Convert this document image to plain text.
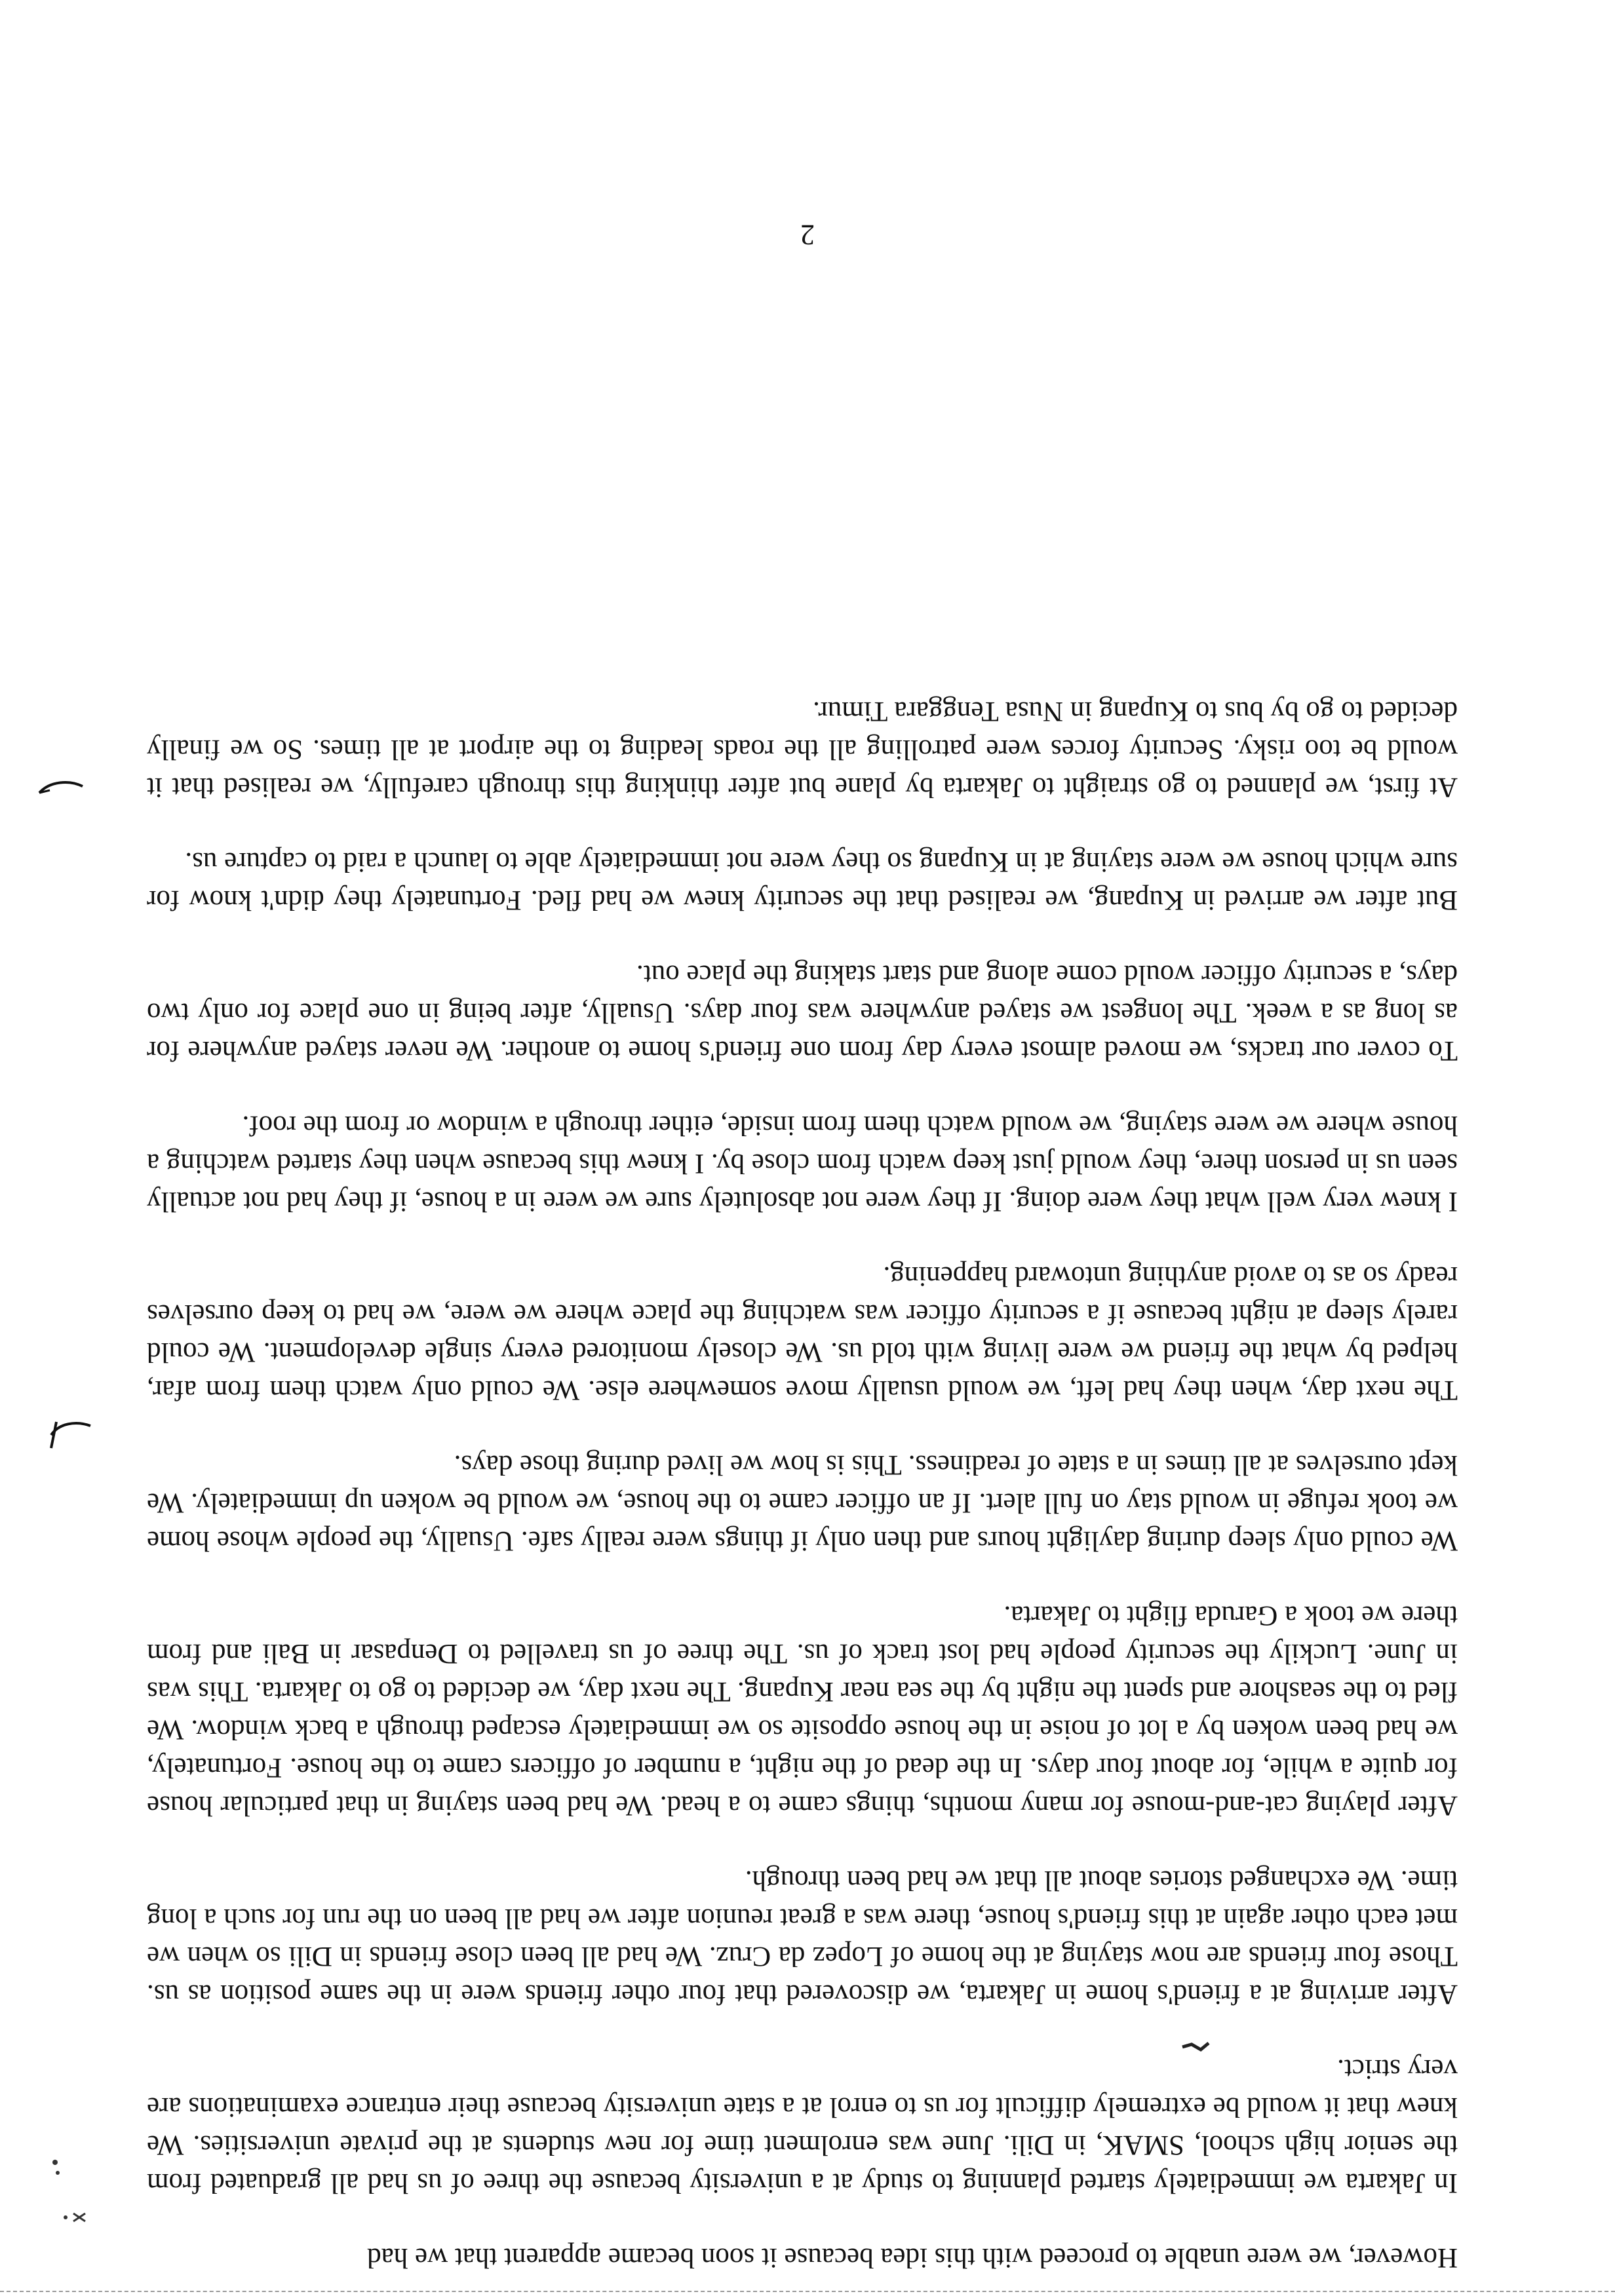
However, we were unable to proceed with this idea because it soon became apparent that we had

In Jakarta we immediately started planning to study at a university because the three of us had all graduated from the senior high school, SMAK, in Dili. June was enrolment time for new students at the private universities. We knew that it would be extremely difficult for us to enrol at a state university because their entrance examinations are very strict.

After arriving at a friend's home in Jakarta, we discovered that four other friends were in the same position as us. Those four friends are now staying at the home of Lopez da Cruz. We had all been close friends in Dili so when we met each other again at this friend's house, there was a great reunion after we had all been on the run for such a long time. We exchanged stories about all that we had been through.

After playing cat-and-mouse for many months, things came to a head. We had been staying in that particular house for quite a while, for about four days. In the dead of the night, a number of officers came to the house. Fortunately, we had been woken by a lot of noise in the house opposite so we immediately escaped through a back window. We fled to the seashore and spent the night by the sea near Kupang. The next day, we decided to go to Jakarta. This was in June. Luckily the security people had lost track of us. The three of us travelled to Denpasar in Bali and from there we took a Garuda flight to Jakarta.

We could only sleep during daylight hours and then only if things were really safe. Usually, the people whose home we took refuge in would stay on full alert. If an officer came to the house, we would be woken up immediately. We kept ourselves at all times in a state of readiness. This is how we lived during those days.

The next day, when they had left, we would usually move somewhere else. We could only watch them from afar, helped by what the friend we were living with told us. We closely monitored every single development. We could rarely sleep at night because if a security officer was watching the place where we were, we had to keep ourselves ready so as to avoid anything untoward happening.

I knew very well what they were doing. If they were not absolutely sure we were in a house, if they had not actually seen us in person there, they would just keep watch from close by. I knew this because when they started watching a house where we were staying, we would watch them from inside, either through a window or from the roof.

To cover our tracks, we moved almost every day from one friend's home to another. We never stayed anywhere for as long as a week. The longest we stayed anywhere was four days. Usually, after being in one place for only two days, a security officer would come along and start staking the place out.

But after we arrived in Kupang, we realised that the security knew we had fled. Fortunately they didn't know for sure which house we were staying at in Kupang so they were not immediately able to launch a raid to capture us.

At first, we planned to go straight to Jakarta by plane but after thinking this through carefully, we realised that it would be too risky. Security forces were patrolling all the roads leading to the airport at all times. So we finally decided to go by bus to Kupang in Nusa Tenggara Timur.

2
